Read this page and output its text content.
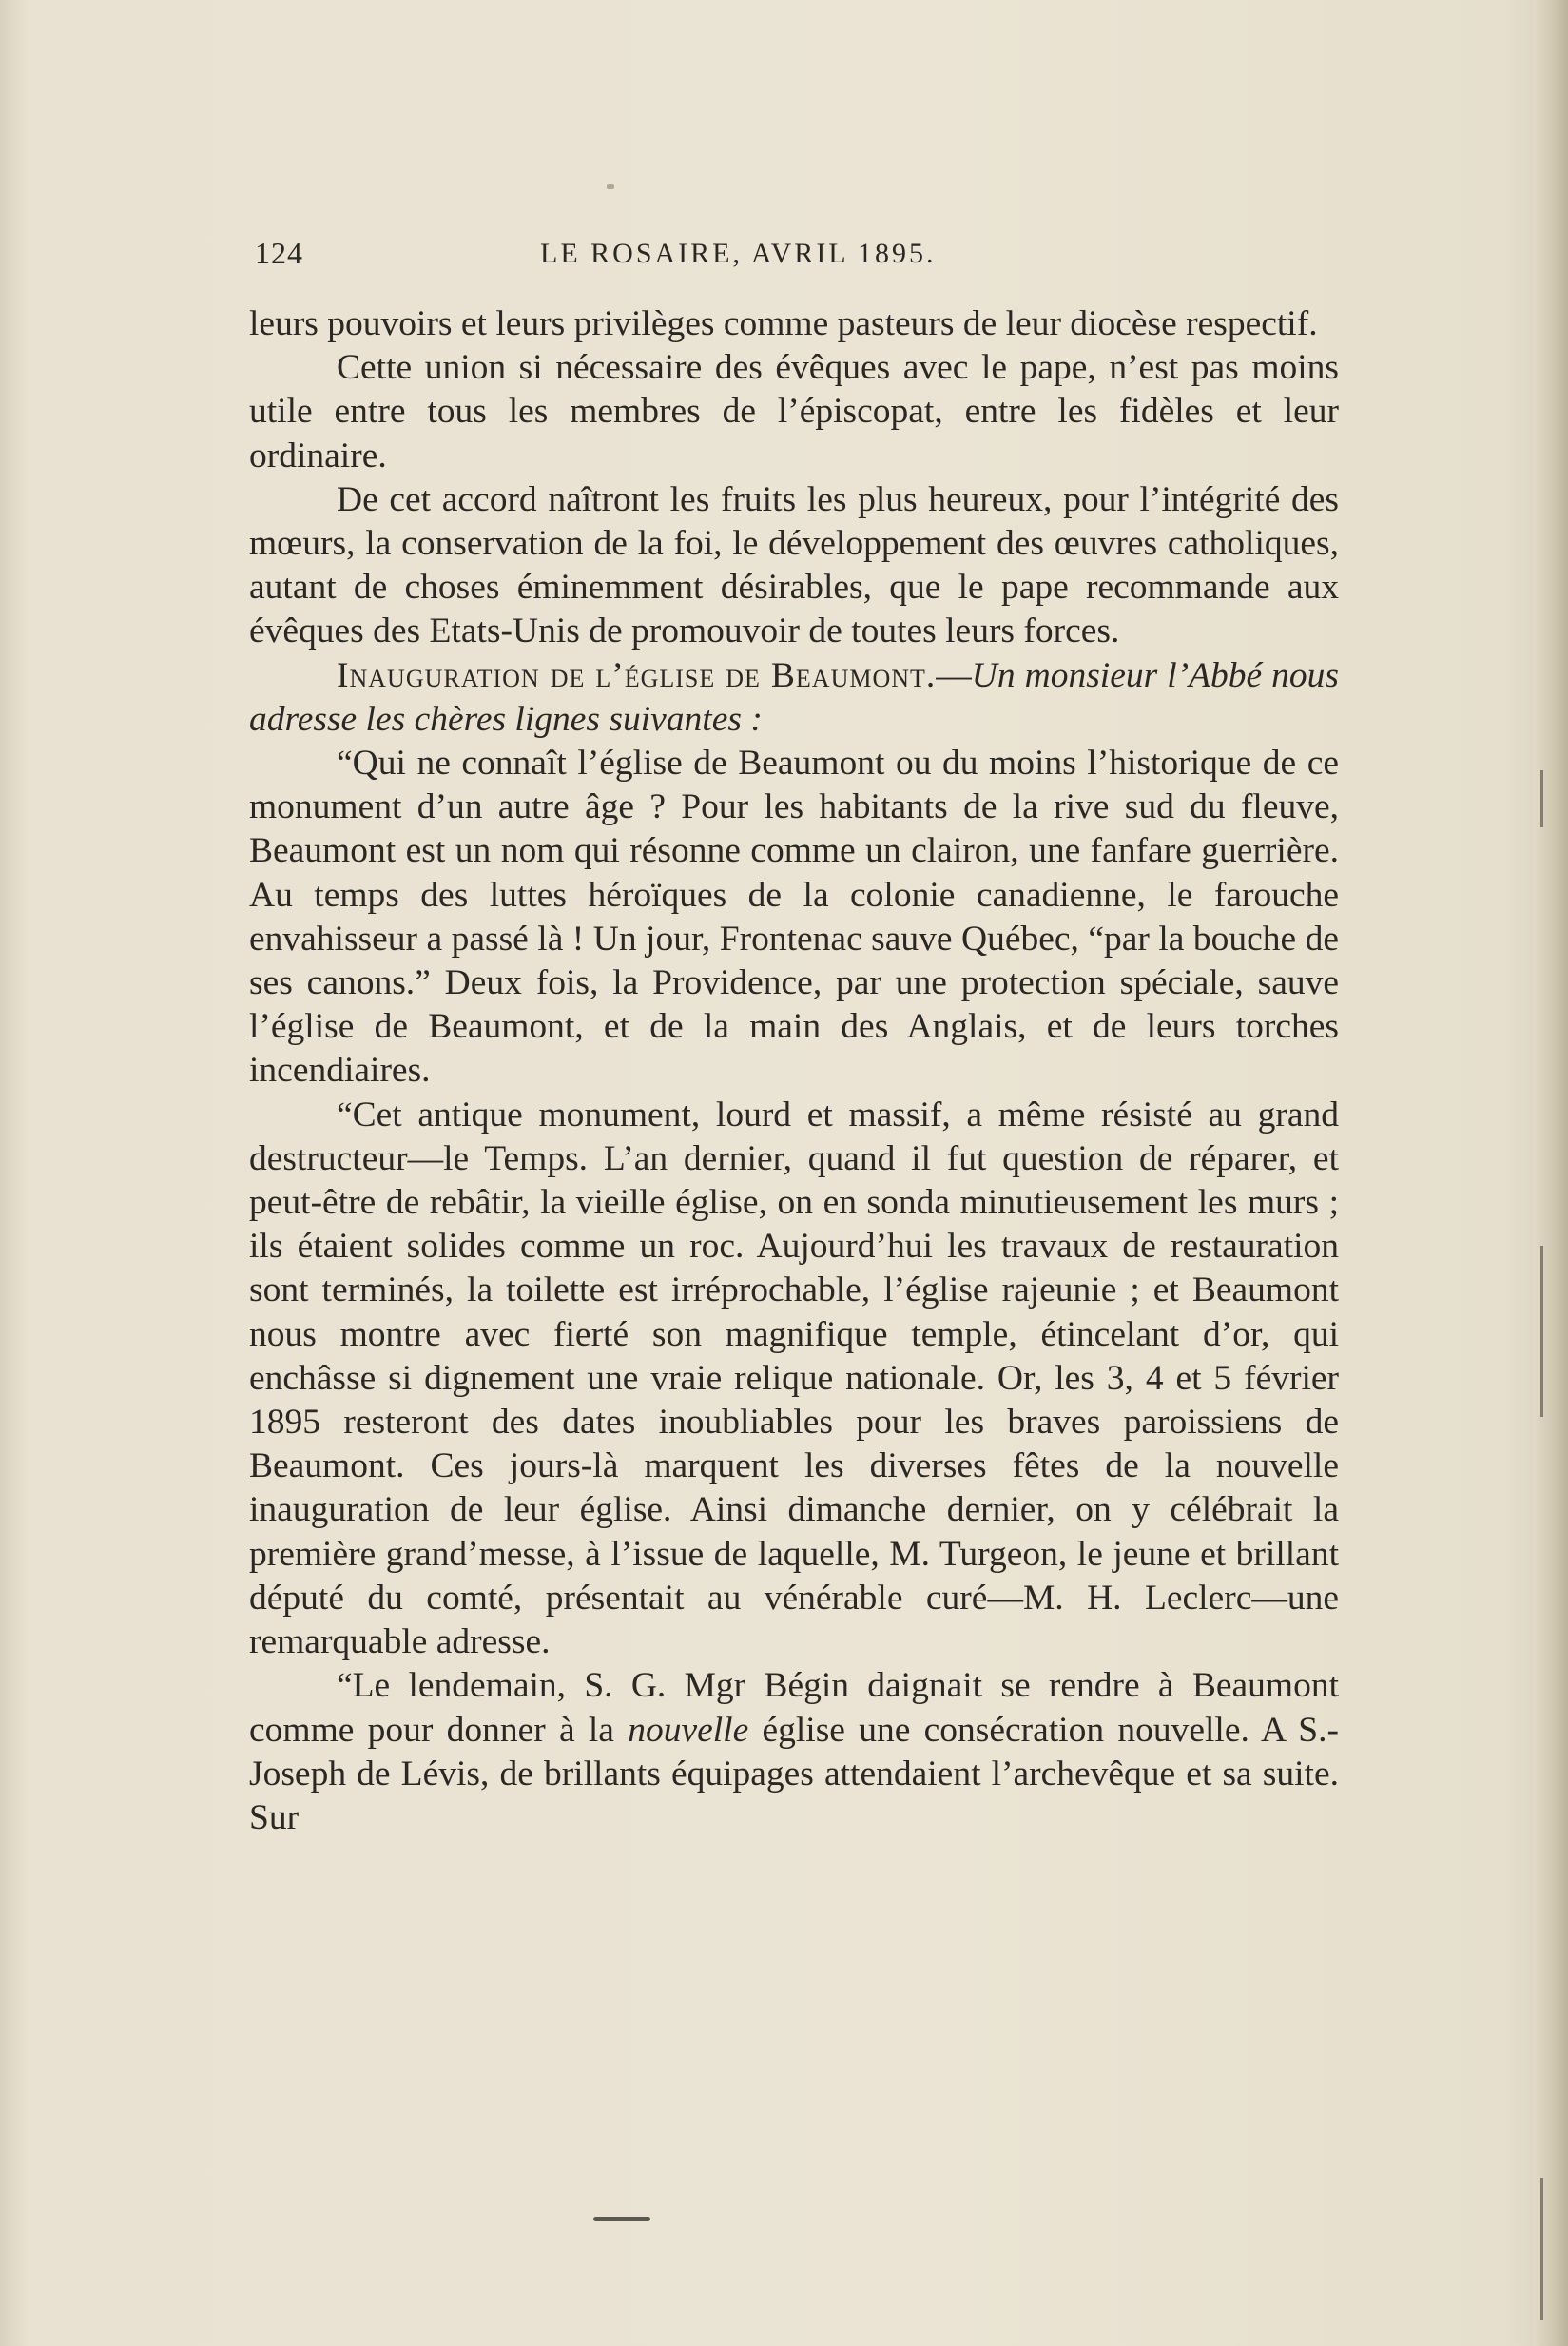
124	LE ROSAIRE, AVRIL 1895.

leurs pouvoirs et leurs privilèges comme pasteurs de leur diocèse respectif.

Cette union si nécessaire des évêques avec le pape, n’est pas moins utile entre tous les membres de l’épiscopat, entre les fidèles et leur ordinaire.

De cet accord naîtront les fruits les plus heureux, pour l’intégrité des mœurs, la conservation de la foi, le développement des œuvres catholiques, autant de choses éminemment désirables, que le pape recommande aux évêques des Etats-Unis de promouvoir de toutes leurs forces.

Inauguration de l’église de Beaumont.—Un monsieur l’Abbé nous adresse les chères lignes suivantes :

“Qui ne connaît l’église de Beaumont ou du moins l’historique de ce monument d’un autre âge ? Pour les habitants de la rive sud du fleuve, Beaumont est un nom qui résonne comme un clairon, une fanfare guerrière. Au temps des luttes héroïques de la colonie canadienne, le farouche envahisseur a passé là ! Un jour, Frontenac sauve Québec, “par la bouche de ses canons.” Deux fois, la Providence, par une protection spéciale, sauve l’église de Beaumont, et de la main des Anglais, et de leurs torches incendiaires.

“Cet antique monument, lourd et massif, a même résisté au grand destructeur—le Temps. L’an dernier, quand il fut question de réparer, et peut-être de rebâtir, la vieille église, on en sonda minutieusement les murs ; ils étaient solides comme un roc. Aujourd’hui les travaux de restauration sont terminés, la toilette est irréprochable, l’église rajeunie ; et Beaumont nous montre avec fierté son magnifique temple, étincelant d’or, qui enchâsse si dignement une vraie relique nationale. Or, les 3, 4 et 5 février 1895 resteront des dates inoubliables pour les braves paroissiens de Beaumont. Ces jours-là marquent les diverses fêtes de la nouvelle inauguration de leur église. Ainsi dimanche dernier, on y célébrait la première grand’messe, à l’issue de laquelle, M. Turgeon, le jeune et brillant député du comté, présentait au vénérable curé—M. H. Leclerc—une remarquable adresse.

“Le lendemain, S. G. Mgr Bégin daignait se rendre à Beaumont comme pour donner à la nouvelle église une consécration nouvelle. A S.-Joseph de Lévis, de brillants équipages attendaient l’archevêque et sa suite. Sur
